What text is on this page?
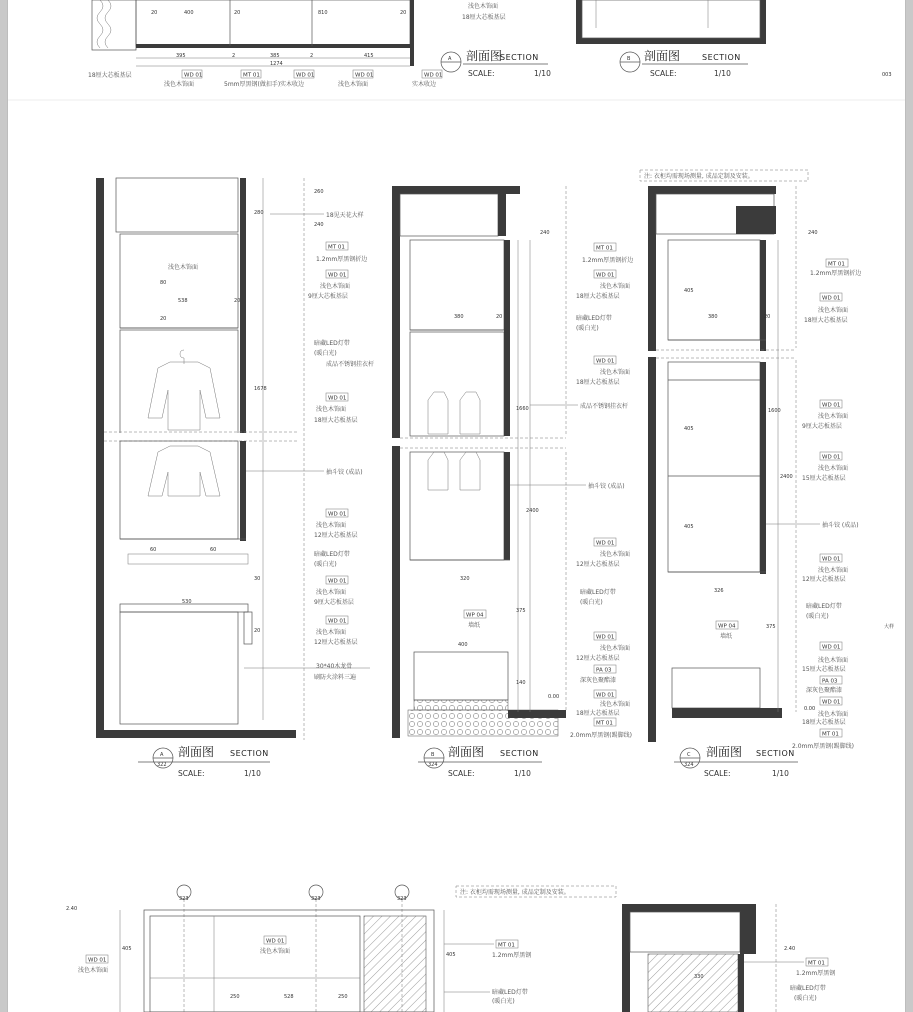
20	400	20	810	20
395	2	385	2	415
1274
浅色木饰面
18厘大芯板基层
WD 01	MT 01	WD 01	WD 01	WD 01
18厘大芯板基层
浅色木饰面	5mm厚黑钢(做扣手) 实木收边	浅色木饰面	实木收边
A 剖面图
SECTION
SCALE:	1/10
B 剖面图	SECTION
SCALE:	1/10	003
260
240
280
20
538
20
80
1678
60	60
30
530
20
18见天花大样
MT 01
1.2mm厚黑钢折边
WD 01
浅色木饰面
浅色木饰面
9厘大芯板基层
暗藏LED灯带
(暖白光)
成品不锈钢挂衣杆
WD 01
浅色木饰面
18厘大芯板基层
抽斗铰 (成品)
WD 01
浅色木饰面
12厘大芯板基层
暗藏LED灯带
(暖白光)
WD 01
浅色木饰面
9厘大芯板基层
WD 01
浅色木饰面
12厘大芯板基层
30*40木龙骨
刷防火涂料三遍
A
322
剖面图 SECTION
SCALE:	1/10
240
380	20
1660
2400
320
375
400
140
0.00
MT 01
1.2mm厚黑钢折边
WD 01
浅色木饰面
18厘大芯板基层
暗藏LED灯带
(暖白光)
WD 01
浅色木饰面
18厘大芯板基层
成品不锈钢挂衣杆
抽斗铰 (成品)
WD 01
浅色木饰面
12厘大芯板基层
暗藏LED灯带
(暖白光)
WP 04
墙纸
WD 01
浅色木饰面
12厘大芯板基层
PA 03
深灰色聚酯漆
WD 01
浅色木饰面
18厘大芯板基层
MT 01
2.0mm厚黑钢(踢脚线)
B
324
剖面图 SECTION
SCALE:	1/10
注: 衣柜均需现场测量, 成品定制及安装。
240
405
380	20
1600
405
2400
405
326
375
0.00
MT 01
1.2mm厚黑钢折边
WD 01
浅色木饰面
18厘大芯板基层
WD 01
浅色木饰面
9厘大芯板基层
WD 01
浅色木饰面
15厘大芯板基层
抽斗铰 (成品)
WD 01
浅色木饰面
12厘大芯板基层
暗藏LED灯带
(暖白光)
WP 04
墙纸
WD 01
浅色木饰面
15厘大芯板基层
PA 03
深灰色聚酯漆
WD 01
浅色木饰面
18厘大芯板基层
MT 01
2.0mm厚黑钢(踢脚线)
大样
C
324
剖面图 SECTION
SCALE:	1/10
注: 衣柜均需现场测量, 成品定制及安装。
323	323	323
2.40
405
250	528	250
405
WD 01
浅色木饰面
WD 01
浅色木饰面
MT 01
1.2mm厚黑钢
暗藏LED灯带
(暖白光)
2.40
330
MT 01
1.2mm厚黑钢
暗藏LED灯带
(暖白光)
